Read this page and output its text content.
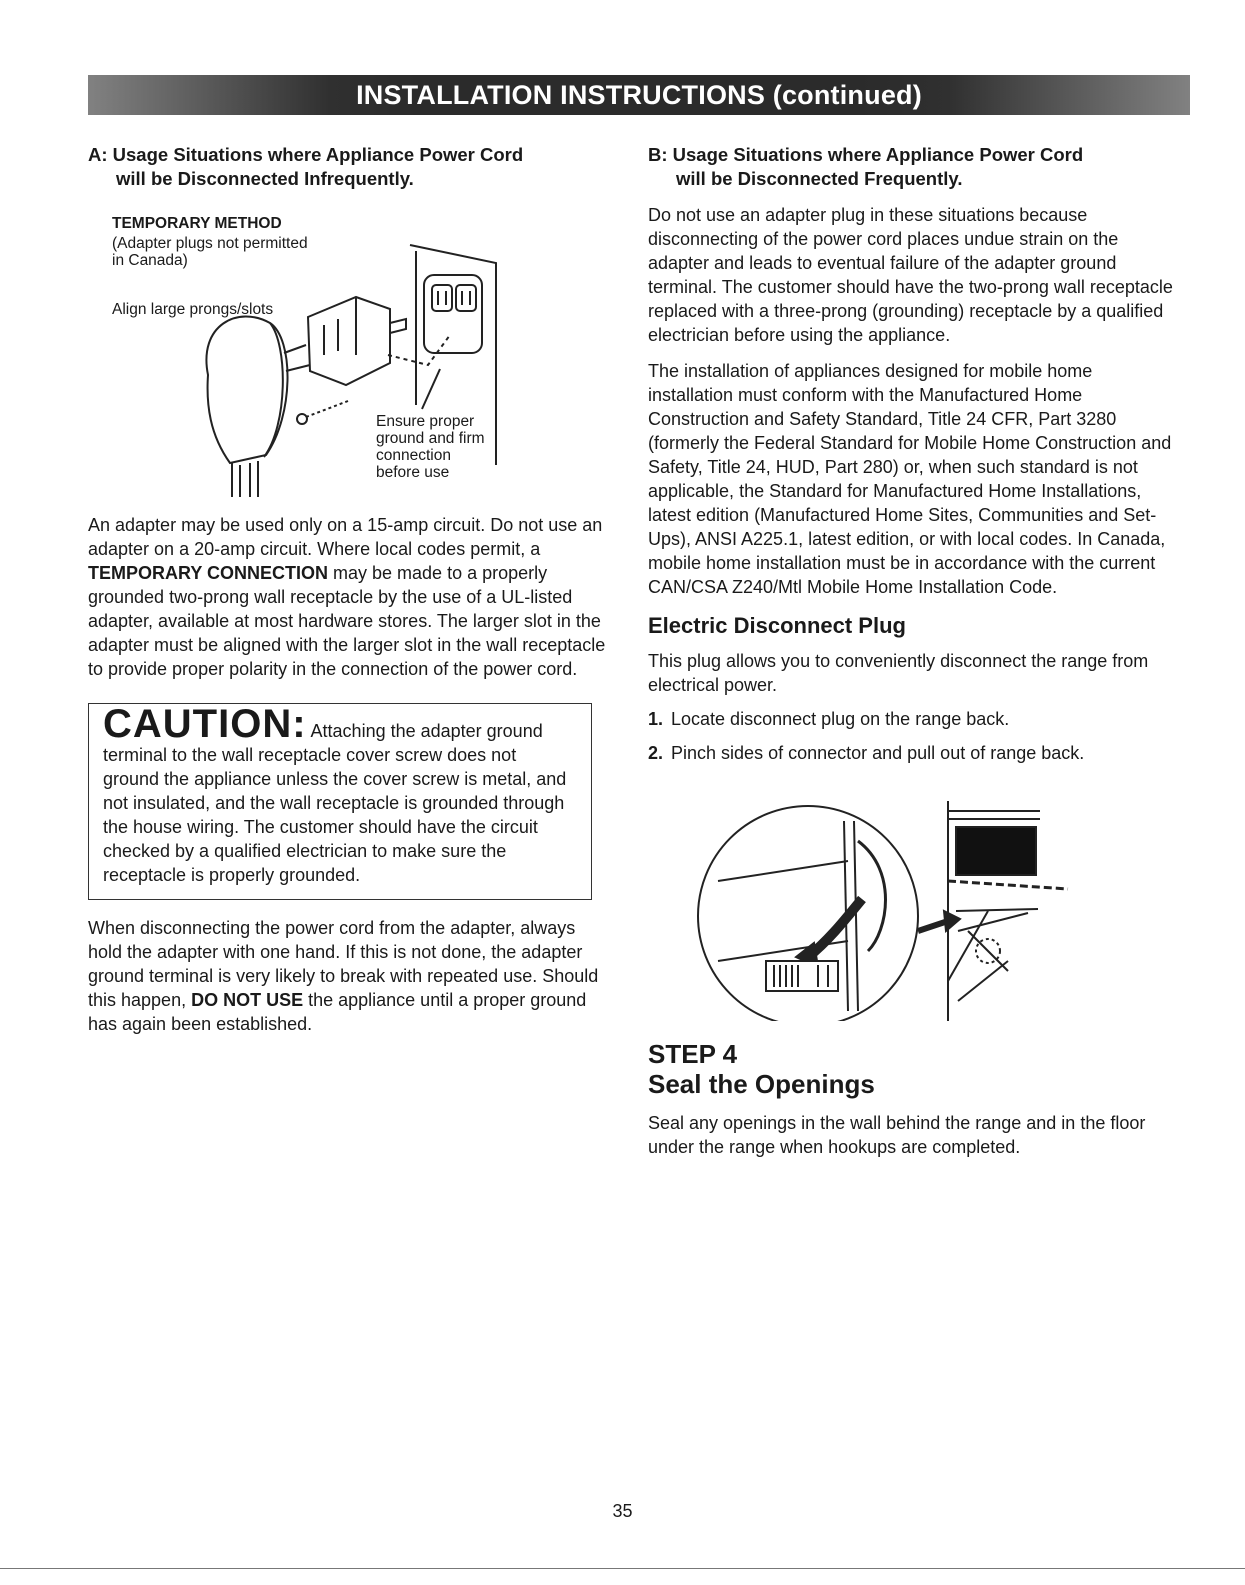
INSTALLATION INSTRUCTIONS (continued)
A: Usage Situations where Appliance Power Cord
will be Disconnected Infrequently.
TEMPORARY METHOD
(Adapter plugs not permitted
in Canada)
Align large prongs/slots
Ensure proper
ground and firm
connection
before use

An adapter may be used only on a 15-amp circuit. Do not use an adapter on a 20-amp circuit. Where local codes permit, a TEMPORARY CONNECTION may be made to a properly grounded two-prong wall receptacle by the use of a UL-listed adapter, available at most hardware stores. The larger slot in the adapter must be aligned with the larger slot in the wall receptacle to provide proper polarity in the connection of the power cord.

CAUTION: Attaching the adapter ground
terminal to the wall receptacle cover screw does not ground the appliance unless the cover screw is metal, and not insulated, and the wall receptacle is grounded through the house wiring. The customer should have the circuit checked by a qualified electrician to make sure the receptacle is properly grounded.

When disconnecting the power cord from the adapter, always hold the adapter with one hand. If this is not done, the adapter ground terminal is very likely to break with repeated use. Should this happen, DO NOT USE the appliance until a proper ground has again been established.

B: Usage Situations where Appliance Power Cord
will be Disconnected Frequently.

Do not use an adapter plug in these situations because disconnecting of the power cord places undue strain on the adapter and leads to eventual failure of the adapter ground terminal. The customer should have the two-prong wall receptacle replaced with a three-prong (grounding) receptacle by a qualified electrician before using the appliance.

The installation of appliances designed for mobile home installation must conform with the Manufactured Home Construction and Safety Standard, Title 24 CFR, Part 3280 (formerly the Federal Standard for Mobile Home Construction and Safety, Title 24, HUD, Part 280) or, when such standard is not applicable, the Standard for Manufactured Home Installations, latest edition (Manufactured Home Sites, Communities and Set-Ups), ANSI A225.1, latest edition, or with local codes. In Canada, mobile home installation must be in accordance with the current CAN/CSA Z240/Mtl Mobile Home Installation Code.

Electric Disconnect Plug

This plug allows you to conveniently disconnect the range from electrical power.

1. Locate disconnect plug on the range back.
2. Pinch sides of connector and pull out of range back.
STEP 4
Seal the Openings

Seal any openings in the wall behind the range and in the floor under the range when hookups are completed.

35
